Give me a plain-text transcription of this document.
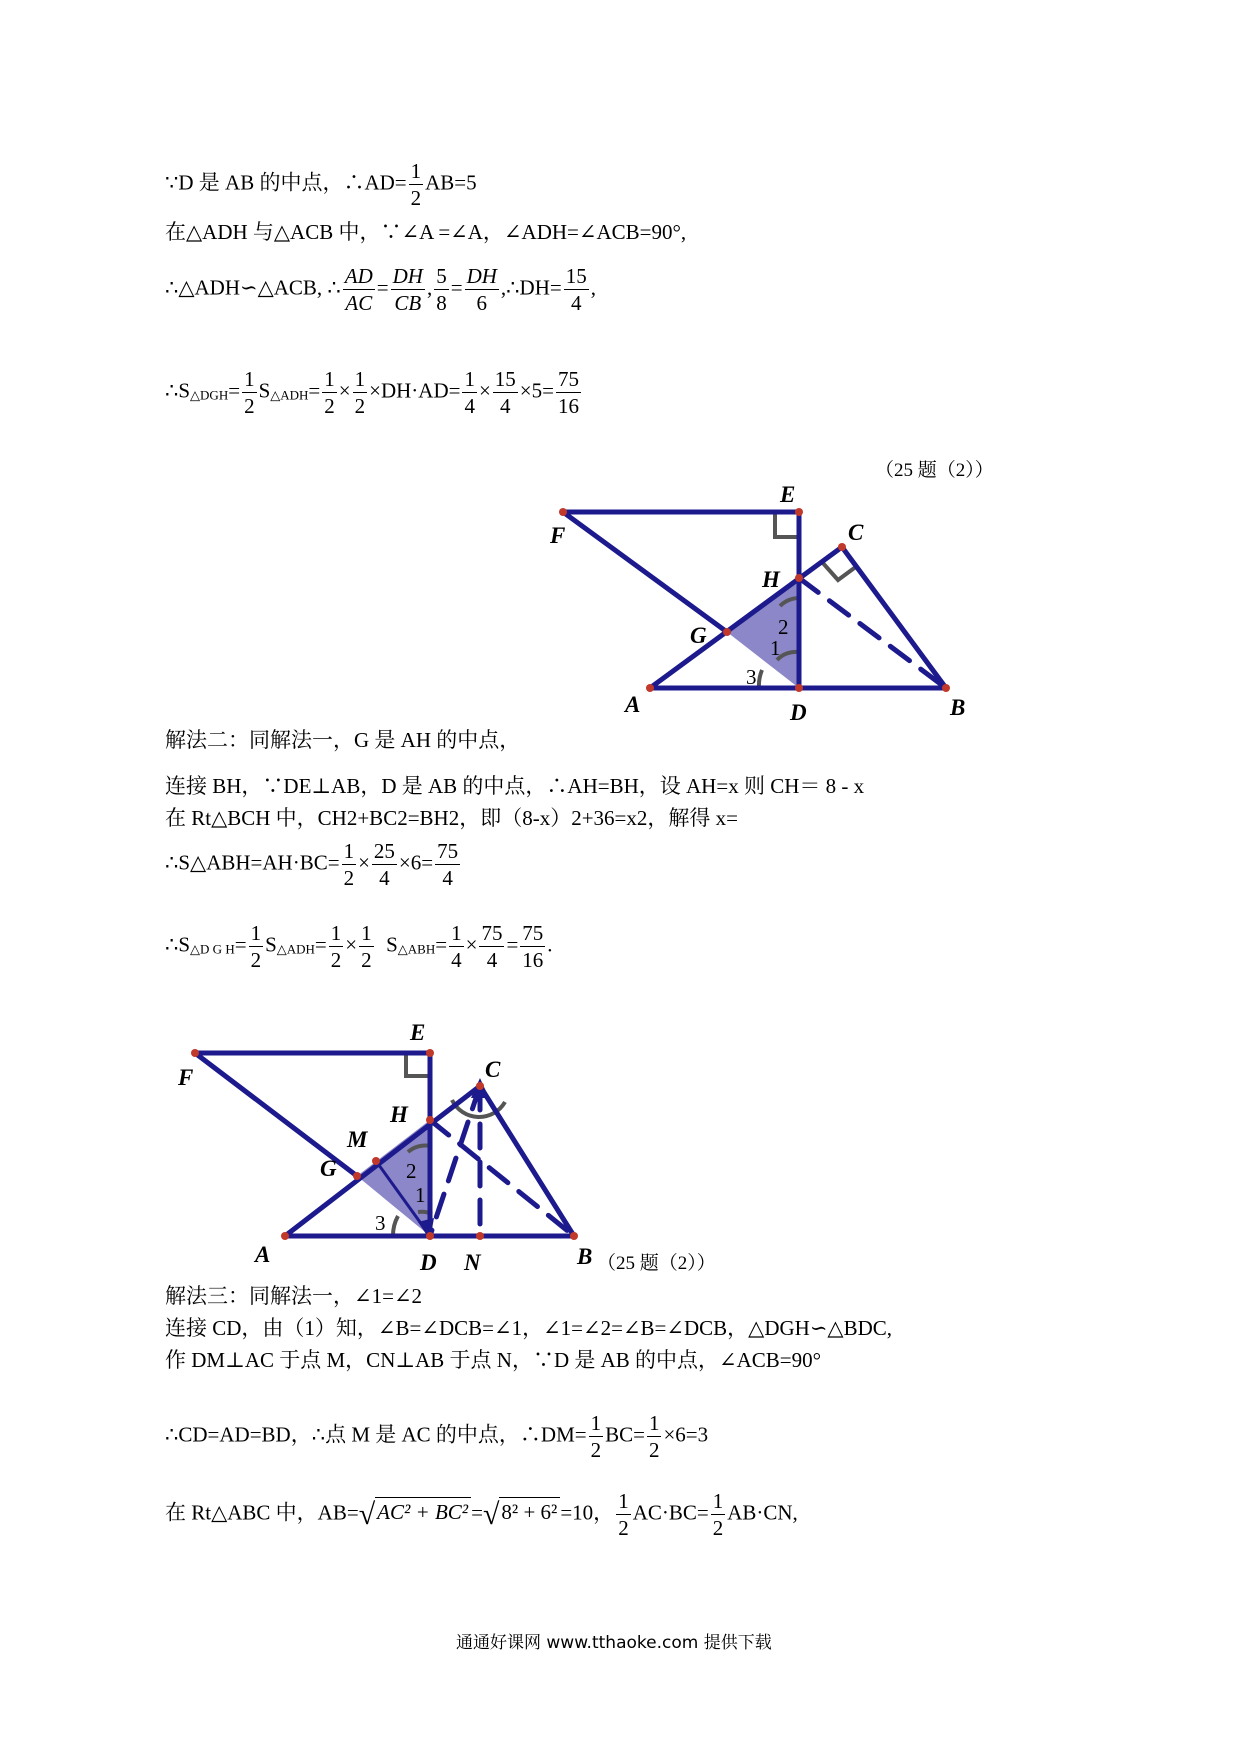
∵D 是 AB 的中点，∴AD= $\frac{1}{2} AB=5$
在△ADH 与△ACB 中，∵∠A =∠A，∠ADH=∠ACB=90°,
∴△ADH∽△ACB, ∴ $\frac{AD}{AC} = \frac{DH}{CB}$ , $\frac{5}{8} = \frac{DH}{6}$ ,∴DH= $\frac{15}{4}$ ,
∴S△DGH= $\frac{1}{2}$ S△ADH= $\frac{1}{2} \times \frac{1}{2} \times DH\cdot AD= \frac{1}{4} \times \frac{15}{4} \times 5= \frac{75}{16}$
（25 题（2））
E
F	C
H
G
A	D	B
2
1
3
解法二：同解法一，G 是 AH 的中点，
连接 BH，∵DE⊥AB，D 是 AB 的中点，∴AH=BH，设 AH=x 则 CH＝ 8 - x
在 Rt△BCH 中，CH2+BC2=BH2，即（8-x）2+36=x2，解得 x=
∴S△ABH=AH·BC= $\frac{1}{2} \times \frac{25}{4} \times 6= \frac{75}{4}$
∴S△D G $H= \frac{1}{2}$ S△ADH= $\frac{1}{2} \times \frac{1}{2}$ S△ABH= $\frac{1}{4} \times \frac{75}{4} = \frac{75}{16}$ .
E
F	C
H
M
G
A	D N	B
2
1
3
（25 题（2））
解法三：同解法一，∠1=∠2
连接 CD，由（1）知，∠B=∠DCB=∠1，∠1=∠2=∠B=∠DCB，△DGH∽△BDC,
作 DM⊥AC 于点 M，CN⊥AB 于点 N，∵D 是 AB 的中点，∠ACB=90°
∴CD=AD=BD，∴点 M 是 AC 的中点，∴DM= $\frac{1}{2} BC= \frac{1}{2} \times 6=3$
在 Rt△ABC 中，AB=√AC² + BC² =√8² + 6² =10， $\frac{1}{2} AC\cdot BC= \frac{1}{2} AB\cdot CN$,
通通好课网 www.tthaoke.com 提供下载
